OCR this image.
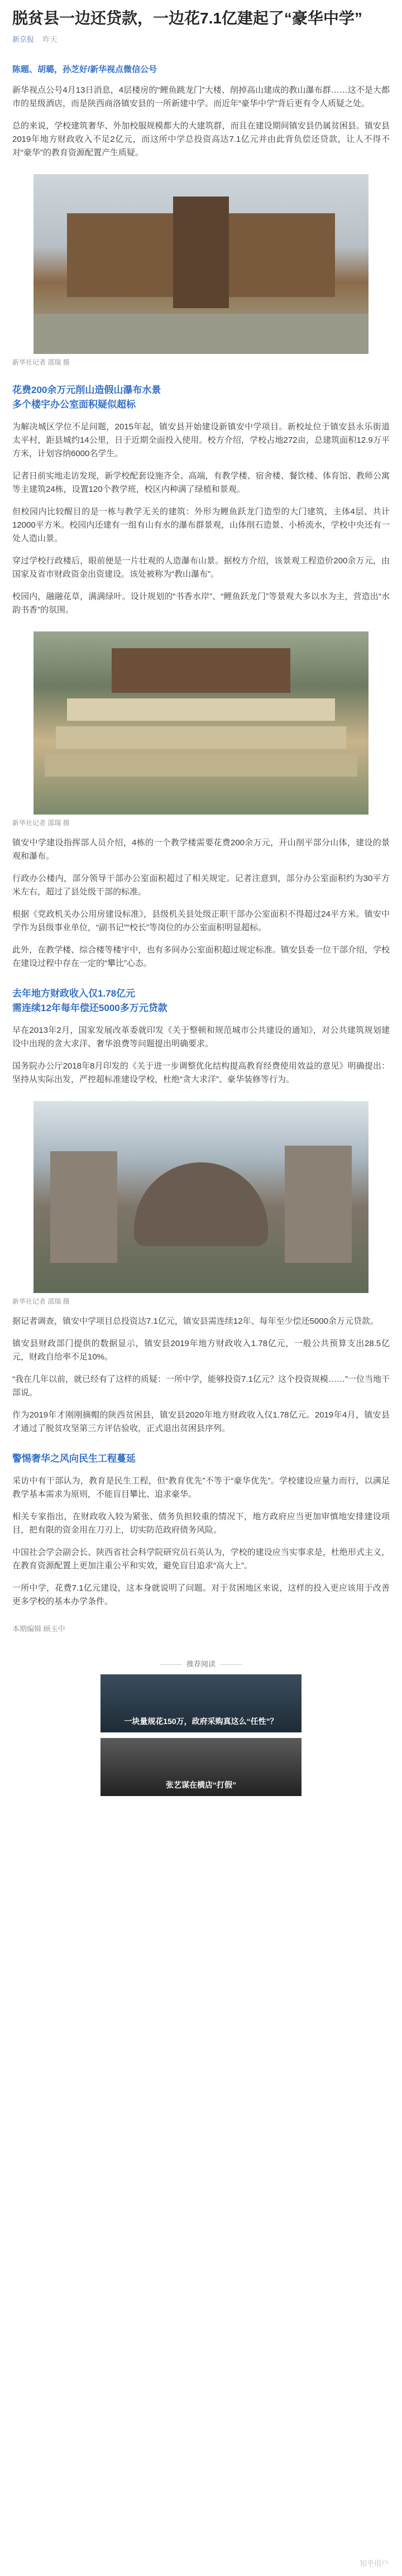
脱贫县一边还贷款，一边花7.1亿建起了“豪华中学”
新京报 昨天
陈题、胡璐，孙芝好/新华视点微信公号

新华视点公号4月13日消息，4层楼房的“鲤鱼跳龙门”大楼、削掉高山建成的教山瀑布群……这不是大都市的星级酒店，而是陕西商洛镇安县的一所新建中学。而近年“豪华中学”背后更有令人质疑之处。

总的来说，学校建筑奢华、外加校服规模都大的大建筑群，而且在建设期间镇安县仍属贫困县。镇安县2019年地方财政收入不足2亿元，而这所中学总投资高达7.1亿元并由此背负偿还贷款，让人不得不对“豪华”的教育资源配置产生质疑。

新华社记者 邵瑞 摄
花费200余万元削山造假山瀑布水景
多个楼宇办公室面积疑似超标

为解决城区学位不足问题，2015年起，镇安县开始建设新镇安中学项目。新校址位于镇安县永乐街道太平村，距县城约14公里，日于近期全面投入使用。校方介绍，学校占地272亩，总建筑面积12.9万平方米，计划容纳6000名学生。

记者日前实地走访发现，新学校配套设施齐全、高端，有教学楼、宿舍楼、餐饮楼、体育馆、教师公寓等主建筑24栋，设置120个教学班，校区内种满了绿植和景观。

但校园内比较醒目的是一栋与教学无关的建筑：外形为鲤鱼跃龙门造型的大门建筑，主体4层、共计12000平方米。校园内还建有一组有山有水的瀑布群景观，山体削石造景、小桥流水，学校中央还有一处人造山景。

穿过学校行政楼后，眼前便是一片壮观的人造瀑布山景。据校方介绍，该景观工程造价200余万元，由国家及省市财政资金出资建设。该处被称为“教山瀑布”。

校园内，融融花草，满满绿叶。设计规划的“书香水岸”、“鲤鱼跃龙门”等景观大多以水为主，营造出“水韵书香”的氛围。

新华社记者 邵瑞 摄

镇安中学建设指挥部人员介绍，4栋的一个教学楼需要花费200余万元，开山削平部分山体，建设的景观和瀑布。

行政办公楼内，部分领导干部办公室面积超过了相关规定。记者注意到，部分办公室面积约为30平方米左右，超过了县处级干部的标准。

根据《党政机关办公用房建设标准》，县级机关县处级正职干部办公室面积不得超过24平方米。镇安中学作为县级事业单位，“副书记”“校长”等岗位的办公室面积明显超标。

此外，在教学楼、综合楼等楼宇中，也有多间办公室面积超过规定标准。镇安县委一位干部介绍，学校在建设过程中存在一定的“攀比”心态。

去年地方财政收入仅1.78亿元
需连续12年每年偿还5000多万元贷款

早在2013年2月，国家发展改革委就印发《关于整顿和规范城市公共建设的通知》，对公共建筑规划建设中出现的贪大求洋、奢华浪费等问题提出明确要求。

国务院办公厅2018年8月印发的《关于进一步调整优化结构提高教育经费使用效益的意见》明确提出：坚持从实际出发，严控超标准建设学校，杜绝“贪大求洋”、豪华装修等行为。

新华社记者 邵瑞 摄

据记者调查，镇安中学项目总投资达7.1亿元，镇安县需连续12年、每年至少偿还5000余万元贷款。

镇安县财政部门提供的数据显示，镇安县2019年地方财政收入1.78亿元，一般公共预算支出28.5亿元，财政自给率不足10%。

“我在几年以前，就已经有了这样的质疑：一所中学，能够投资7.1亿元？这个投资规模……”一位当地干部说。

作为2019年才刚刚摘帽的陕西贫困县，镇安县2020年地方财政收入仅1.78亿元。2019年4月，镇安县才通过了脱贫攻坚第三方评估验收，正式退出贫困县序列。

警惕奢华之风向民生工程蔓延

采访中有干部认为，教育是民生工程，但“教育优先”不等于“豪华优先”。学校建设应量力而行，以满足教学基本需求为原则，不能盲目攀比、追求豪华。

相关专家指出，在财政收入较为紧张、债务负担较重的情况下，地方政府应当更加审慎地安排建设项目，把有限的资金用在刀刃上，切实防范政府债务风险。

中国社会学会副会长、陕西省社会科学院研究员石英认为，学校的建设应当实事求是，杜绝形式主义，在教育资源配置上更加注重公平和实效，避免盲目追求“高大上”。

一所中学，花费7.1亿元建设，这本身就说明了问题。对于贫困地区来说，这样的投入更应该用于改善更多学校的基本办学条件。

本期编辑 顾玉中
推荐阅读
一块量规花150万，政府采购真这么“任性”？
张艺谋在横店“打假”
知乎用户
